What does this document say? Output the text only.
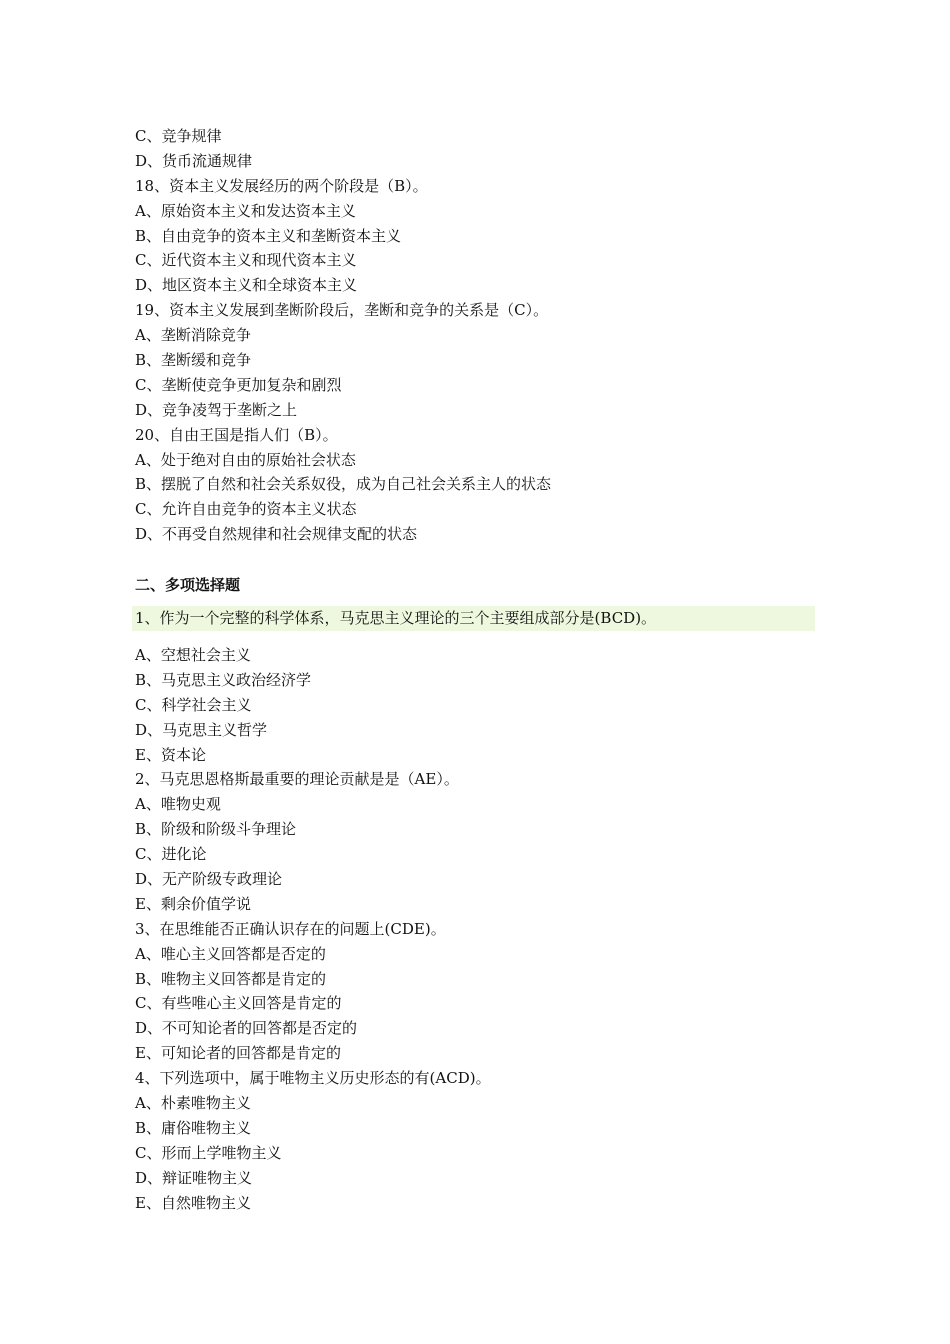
C、竞争规律
D、货币流通规律
18、资本主义发展经历的两个阶段是（B）。
A、原始资本主义和发达资本主义
B、自由竞争的资本主义和垄断资本主义
C、近代资本主义和现代资本主义
D、地区资本主义和全球资本主义
19、资本主义发展到垄断阶段后，垄断和竞争的关系是（C）。
A、垄断消除竞争
B、垄断缓和竞争
C、垄断使竞争更加复杂和剧烈
D、竞争凌驾于垄断之上
20、自由王国是指人们（B）。
A、处于绝对自由的原始社会状态
B、摆脱了自然和社会关系奴役，成为自己社会关系主人的状态
C、允许自由竞争的资本主义状态
D、不再受自然规律和社会规律支配的状态
二、多项选择题
1、作为一个完整的科学体系，马克思主义理论的三个主要组成部分是(BCD)。
A、空想社会主义
B、马克思主义政治经济学
C、科学社会主义
D、马克思主义哲学
E、资本论
2、马克思恩格斯最重要的理论贡献是是（AE）。
A、唯物史观
B、阶级和阶级斗争理论
C、进化论
D、无产阶级专政理论
E、剩余价值学说
3、在思维能否正确认识存在的问题上(CDE)。
A、唯心主义回答都是否定的
B、唯物主义回答都是肯定的
C、有些唯心主义回答是肯定的
D、不可知论者的回答都是否定的
E、可知论者的回答都是肯定的
4、下列选项中，属于唯物主义历史形态的有(ACD)。
A、朴素唯物主义
B、庸俗唯物主义
C、形而上学唯物主义
D、辩证唯物主义
E、自然唯物主义
